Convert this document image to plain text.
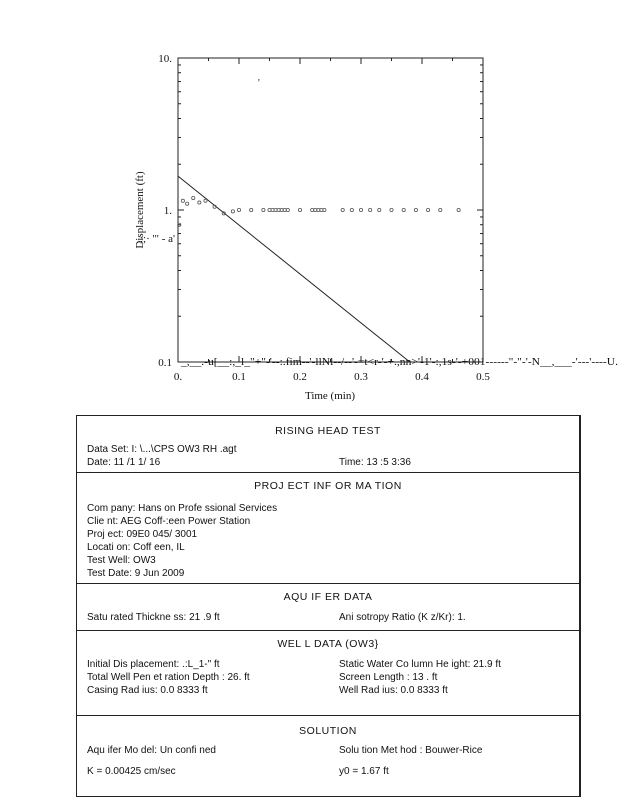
10.
1.
0.1
0.	0.1	0.2	0.3	0.4	0.5
'
;;· '" - a'
_,__.-u[__:,_l_"+"-'--:.fim--'-llNl--/--'-=t<r-'-+.,nn>'-1'-:,1s-'-+001------"-"-'-N__,___-'---'----U.
Time (min)
Displacement (ft)
RISING HEAD TEST
Data Set: I: \...\CPS OW3 RH .agt
Date: 11 /1 1/ 16	Time: 13 :5 3:36
PROJ ECT INF OR MA TION
Com pany: Hans on Profe ssional Services
Clie nt: AEG Coff-:een Power Station
Proj ect: 09E0 045/ 3001
Locati on: Coff een, IL
Test Well: OW3
Test Date: 9 Jun 2009
AQU IF ER DATA
Satu rated Thickne ss: 21 .9 ft	Ani sotropy Ratio (K z/Kr): 1.
WEL L DATA (OW3}
Initial Dis placement: .:L_1-" ft	Static Water Co lumn He ight: 21.9 ft
Total Well Pen et ration Depth : 26. ft	Screen Length : 13 . ft
Casing Rad ius: 0.0 8333 ft	Well Rad ius: 0.0 8333 ft
SOLUTION
Aqu ifer Mo del: Un confi ned	Solu tion Met hod : Bouwer-Rice
K = 0.00425 cm/sec	y0 = 1.67 ft
